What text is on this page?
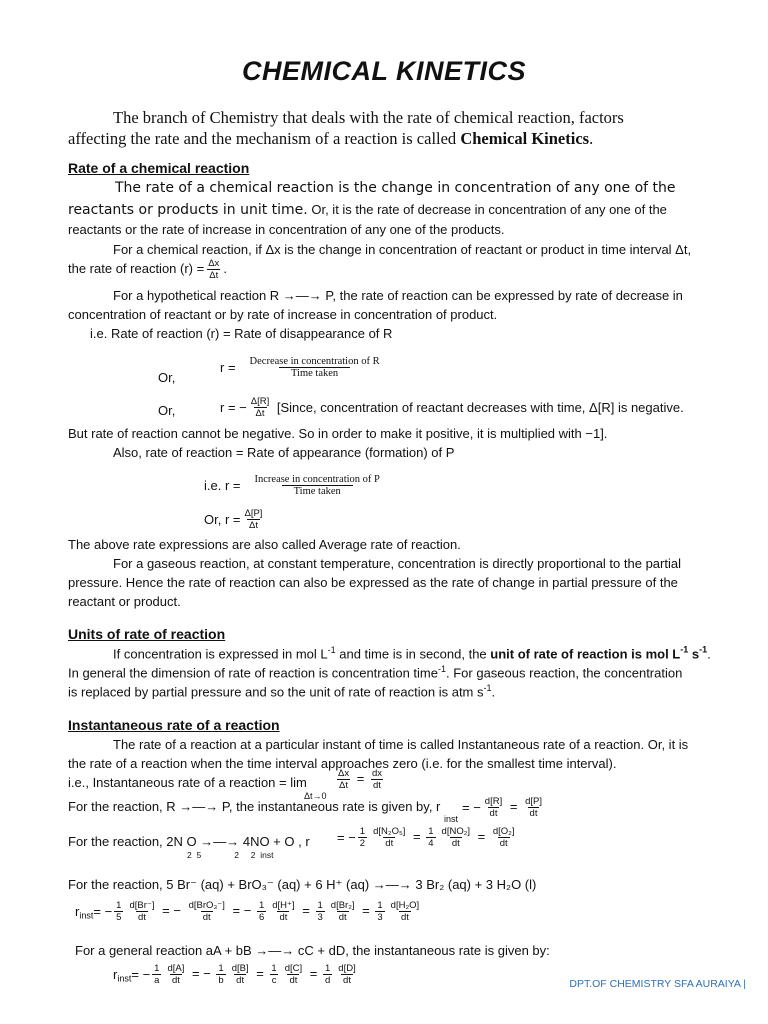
CHEMICAL KINETICS
The branch of Chemistry that deals with the rate of chemical reaction, factors
affecting the rate and the mechanism of a reaction is called Chemical Kinetics.
Rate of a chemical reaction
The rate of a chemical reaction is the change in concentration of any one of the
reactants or products in unit time. Or, it is the rate of decrease in concentration of any one of the
reactants or the rate of increase in concentration of any one of the products.
For a chemical reaction, if Δx is the change in concentration of reactant or product in time interval Δt,
the rate of reaction $(r) = \frac{\Delta x}{\Delta t}$ .
For a hypothetical reaction R →—→ P, the rate of reaction can be expressed by rate of decrease in
concentration of reactant or by rate of increase in concentration of product.
i.e. Rate of reaction (r) = Rate of disappearance of R
Or,
$r = \frac{\text{Decrease in concentration of R}}{\text{Time taken}}$
Or,	r = − $\frac{\Delta[R]}{\Delta t}$ [Since, concentration of reactant decreases with time, Δ[R] is negative.
But rate of reaction cannot be negative. So in order to make it positive, it is multiplied with −1].
Also, rate of reaction = Rate of appearance (formation) of P
i.e. $r = \frac{\text{Increase in concentration of P}}{\text{Time taken}}$
Or, $r = \frac{\Delta[P]}{\Delta t}$
The above rate expressions are also called Average rate of reaction.
For a gaseous reaction, at constant temperature, concentration is directly proportional to the partial
pressure. Hence the rate of reaction can also be expressed as the rate of change in partial pressure of the
reactant or product.
Units of rate of reaction
If concentration is expressed in mol $L^{-1}$ and time is in second, the unit of rate of reaction is mol $L^{-1}$ $s^{-1}$.
In general the dimension of rate of reaction is concentration time$^{-1}$. For gaseous reaction, the concentration
is replaced by partial pressure and so the unit of rate of reaction is atm $s^{-1}$.
Instantaneous rate of a reaction
The rate of a reaction at a particular instant of time is called Instantaneous rate of a reaction. Or, it is
the rate of a reaction when the time interval approaches zero (i.e. for the smallest time interval).
i.e., Instantaneous rate of a reaction = lim
Δt→0
$\frac{\Delta x}{\Delta t} = \frac{dx}{dt}$
For the reaction, R →—→ P, the instantaneous rate is given by, r
inst
= − $\frac{d[R]}{dt} = \frac{d[P]}{dt}$
For the reaction, 2N O →—→ 4NO + O , r
2  5              2     2  inst
= − $\frac{1}{2} \frac{\text{d[N₂O₅]}}{dt} = \frac{1}{4} \frac{\text{d[NO₂]}}{dt} = \frac{\text{d[O₂]}}{dt}$
For the reaction, 5 Br⁻ (aq) + BrO₃⁻ (aq) + 6 H⁺ (aq) →—→ 3 Br₂ (aq) + 3 H₂O (l)
$r_{inst}= - \frac{1}{5} \frac{d[Br^-]}{dt}$ = − $\frac{\text{d[BrO₃⁻]}}{dt}$ = − $\frac{1}{6} \frac{d[H^+]}{dt} = \frac{1}{3} \frac{\text{d[Br₂]}}{dt} = \frac{1}{3} \frac{\text{d[H₂O]}}{dt}$
For a general reaction aA + bB →—→ cC + dD, the instantaneous rate is given by:
$r_{inst}= - \frac{1}{a} \frac{d[A]}{dt}$ = − $\frac{1}{b} \frac{d[B]}{dt} = \frac{1}{c} \frac{d[C]}{dt} = \frac{1}{d} \frac{d[D]}{dt}$	DPT.OF CHEMISTRY SFA AURAIYA |
